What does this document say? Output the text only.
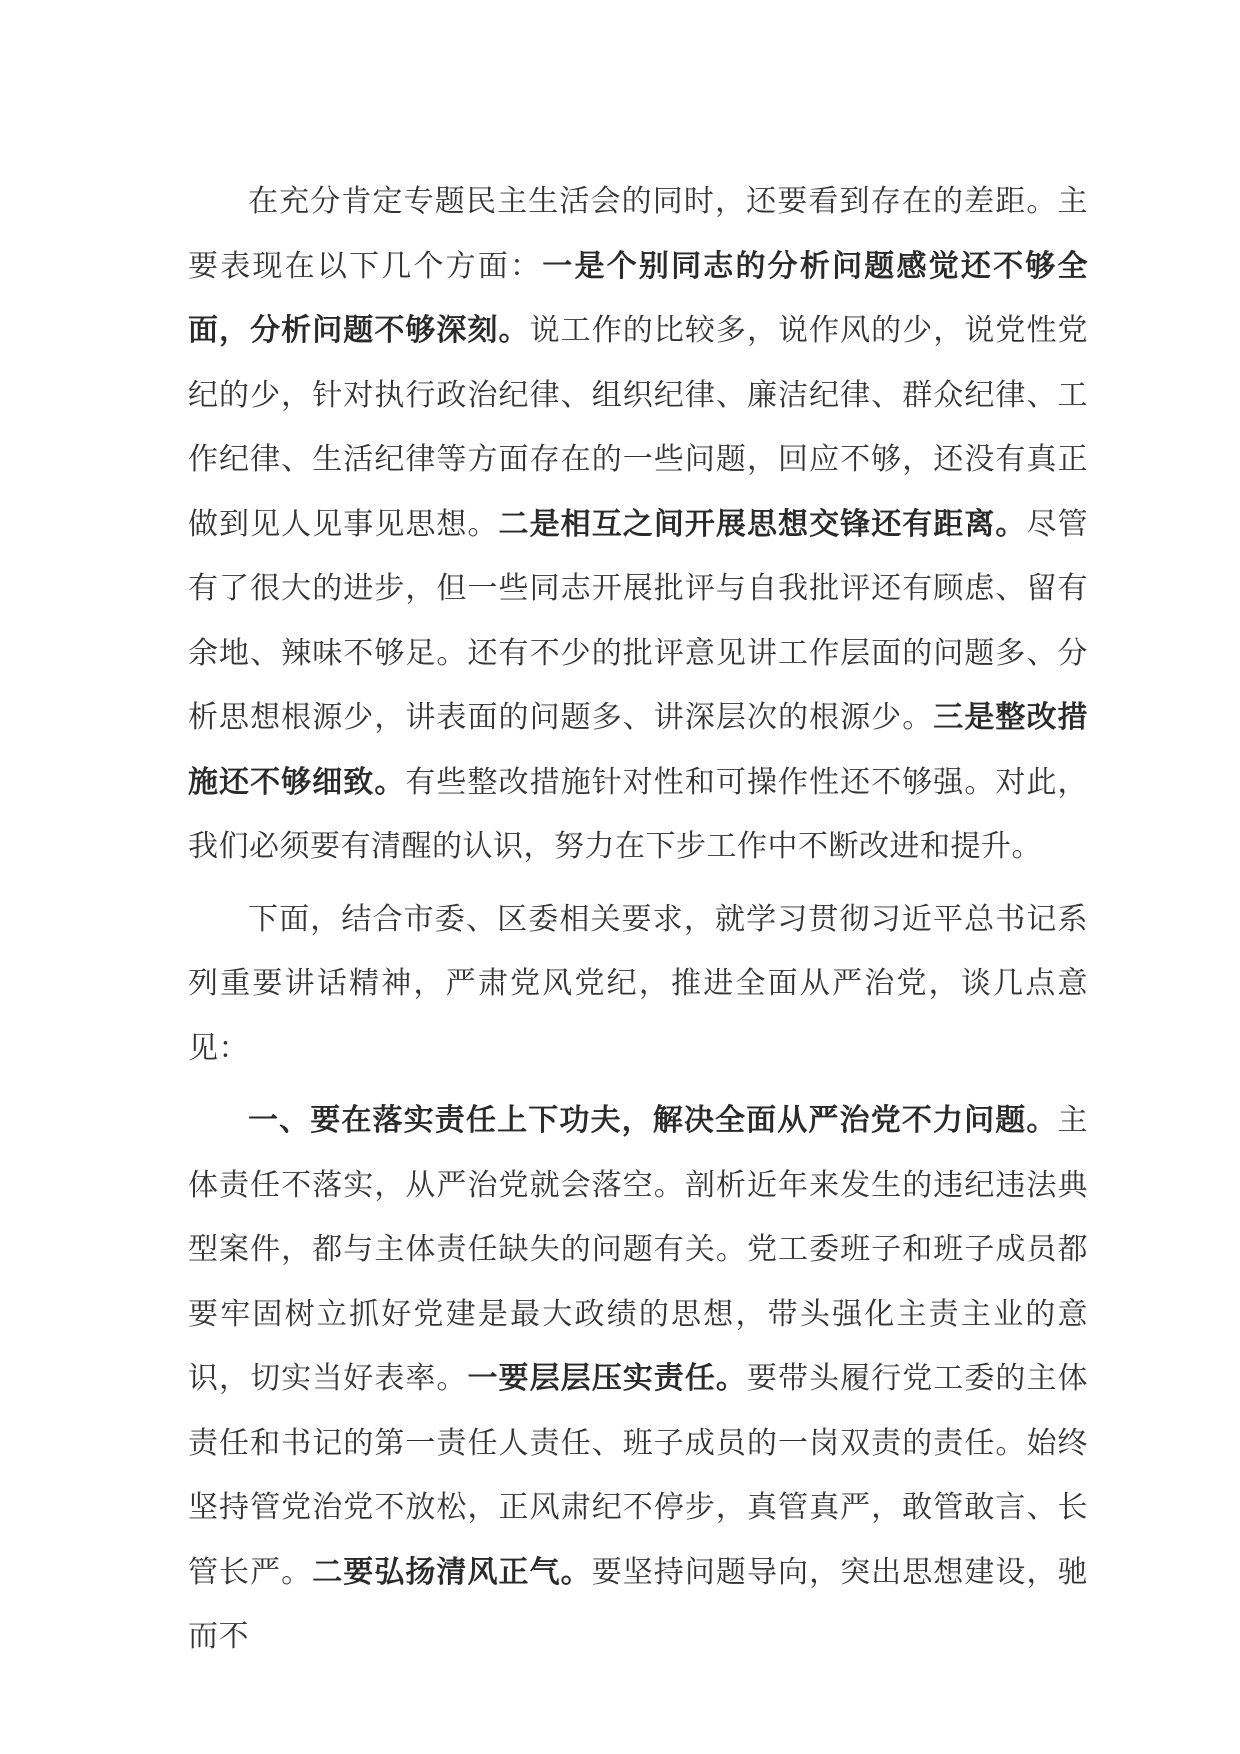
在充分肯定专题民主生活会的同时，还要看到存在的差距。主要表现在以下几个方面：一是个别同志的分析问题感觉还不够全面，分析问题不够深刻。说工作的比较多，说作风的少，说党性党纪的少，针对执行政治纪律、组织纪律、廉洁纪律、群众纪律、工作纪律、生活纪律等方面存在的一些问题，回应不够，还没有真正做到见人见事见思想。二是相互之间开展思想交锋还有距离。尽管有了很大的进步，但一些同志开展批评与自我批评还有顾虑、留有余地、辣味不够足。还有不少的批评意见讲工作层面的问题多、分析思想根源少，讲表面的问题多、讲深层次的根源少。三是整改措施还不够细致。有些整改措施针对性和可操作性还不够强。对此，我们必须要有清醒的认识，努力在下步工作中不断改进和提升。

下面，结合市委、区委相关要求，就学习贯彻习近平总书记系列重要讲话精神，严肃党风党纪，推进全面从严治党，谈几点意见：

一、要在落实责任上下功夫，解决全面从严治党不力问题。主体责任不落实，从严治党就会落空。剖析近年来发生的违纪违法典型案件，都与主体责任缺失的问题有关。党工委班子和班子成员都要牢固树立抓好党建是最大政绩的思想，带头强化主责主业的意识，切实当好表率。一要层层压实责任。要带头履行党工委的主体责任和书记的第一责任人责任、班子成员的一岗双责的责任。始终坚持管党治党不放松，正风肃纪不停步，真管真严，敢管敢言、长管长严。二要弘扬清风正气。要坚持问题导向，突出思想建设，驰而不
